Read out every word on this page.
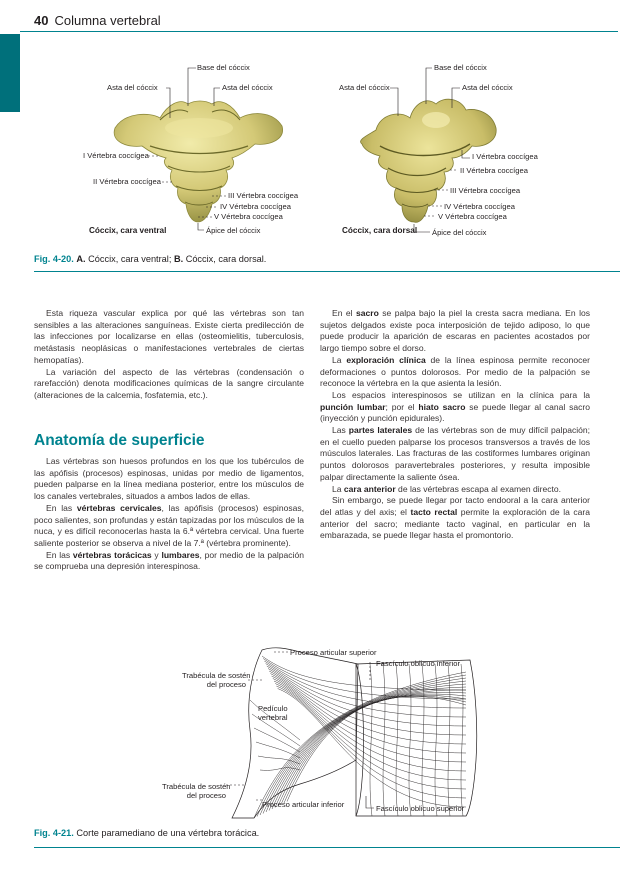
40 Columna vertebral
Base del cóccix
Asta del cóccix	Asta del cóccix
I Vértebra coccígea
II Vértebra coccígea
III Vértebra coccígea
IV Vértebra coccígea
V Vértebra coccígea
Ápice del cóccix
Cóccix, cara ventral
Base del cóccix
Asta del cóccix	Asta del cóccix
I Vértebra coccígea
II Vértebra coccígea
III Vértebra coccígea
IV Vértebra coccígea
V Vértebra coccígea
Ápice del cóccix
Cóccix, cara dorsal
Fig. 4-20. A. Cóccix, cara ventral; B. Cóccix, cara dorsal.

Esta riqueza vascular explica por qué las vértebras son tan sensibles a las alteraciones sanguíneas. Existe cierta predilección de las infecciones por localizarse en ellas (osteomielitis, tuberculosis, metástasis neoplásicas o manifestaciones vertebrales de ciertas hemopatías).

La variación del aspecto de las vértebras (condensación o rarefacción) denota modificaciones químicas de la sangre circulante (alteraciones de la calcemia, fosfatemia, etc.).

Anatomía de superficie

Las vértebras son huesos profundos en los que los tubérculos de las apófisis (procesos) espinosas, unidas por medio de ligamentos, pueden palparse en la línea mediana posterior, entre los músculos de los canales vertebrales, situados a ambos lados de ellas.

En las vértebras cervicales, las apófisis (procesos) espinosas, poco salientes, son profundas y están tapizadas por los músculos de la nuca, y es difícil reconocerlas hasta la 6.ª vértebra cervical. Una fuerte saliente posterior se observa a nivel de la 7.ª (vértebra prominente).

En las vértebras torácicas y lumbares, por medio de la palpación se comprueba una depresión interespinosa.

En el sacro se palpa bajo la piel la cresta sacra mediana. En los sujetos delgados existe poca interposición de tejido adiposo, lo que puede producir la aparición de escaras en pacientes acostados por largo tiempo sobre el dorso.

La exploración clínica de la línea espinosa permite reconocer deformaciones o puntos dolorosos. Por medio de la palpación se reconoce la vértebra en la que asienta la lesión.

Los espacios interespinosos se utilizan en la clínica para la punción lumbar; por el hiato sacro se puede llegar al canal sacro (inyección y punción epidurales).

Las partes laterales de las vértebras son de muy difícil palpación; en el cuello pueden palparse los procesos transversos a través de los músculos laterales. Las fracturas de las costiformes lumbares originan puntos dolorosos paravertebrales posteriores, y resulta imposible palpar directamente la saliente ósea.

La cara anterior de las vértebras escapa al examen directo.

Sin embargo, se puede llegar por tacto endooral a la cara anterior del atlas y del axis; el tacto rectal permite la exploración de la cara anterior del sacro; mediante tacto vaginal, en particular en la embarazada, se puede llegar hasta el promontorio.

Proceso articular superior
Fascículo oblicuo inferior
Trabécula de sostén
del proceso
Pedículo
vertebral
Trabécula de sostén
del proceso
Proceso articular inferior	Fascículo oblicuo superior
Fig. 4-21. Corte paramediano de una vértebra torácica.
